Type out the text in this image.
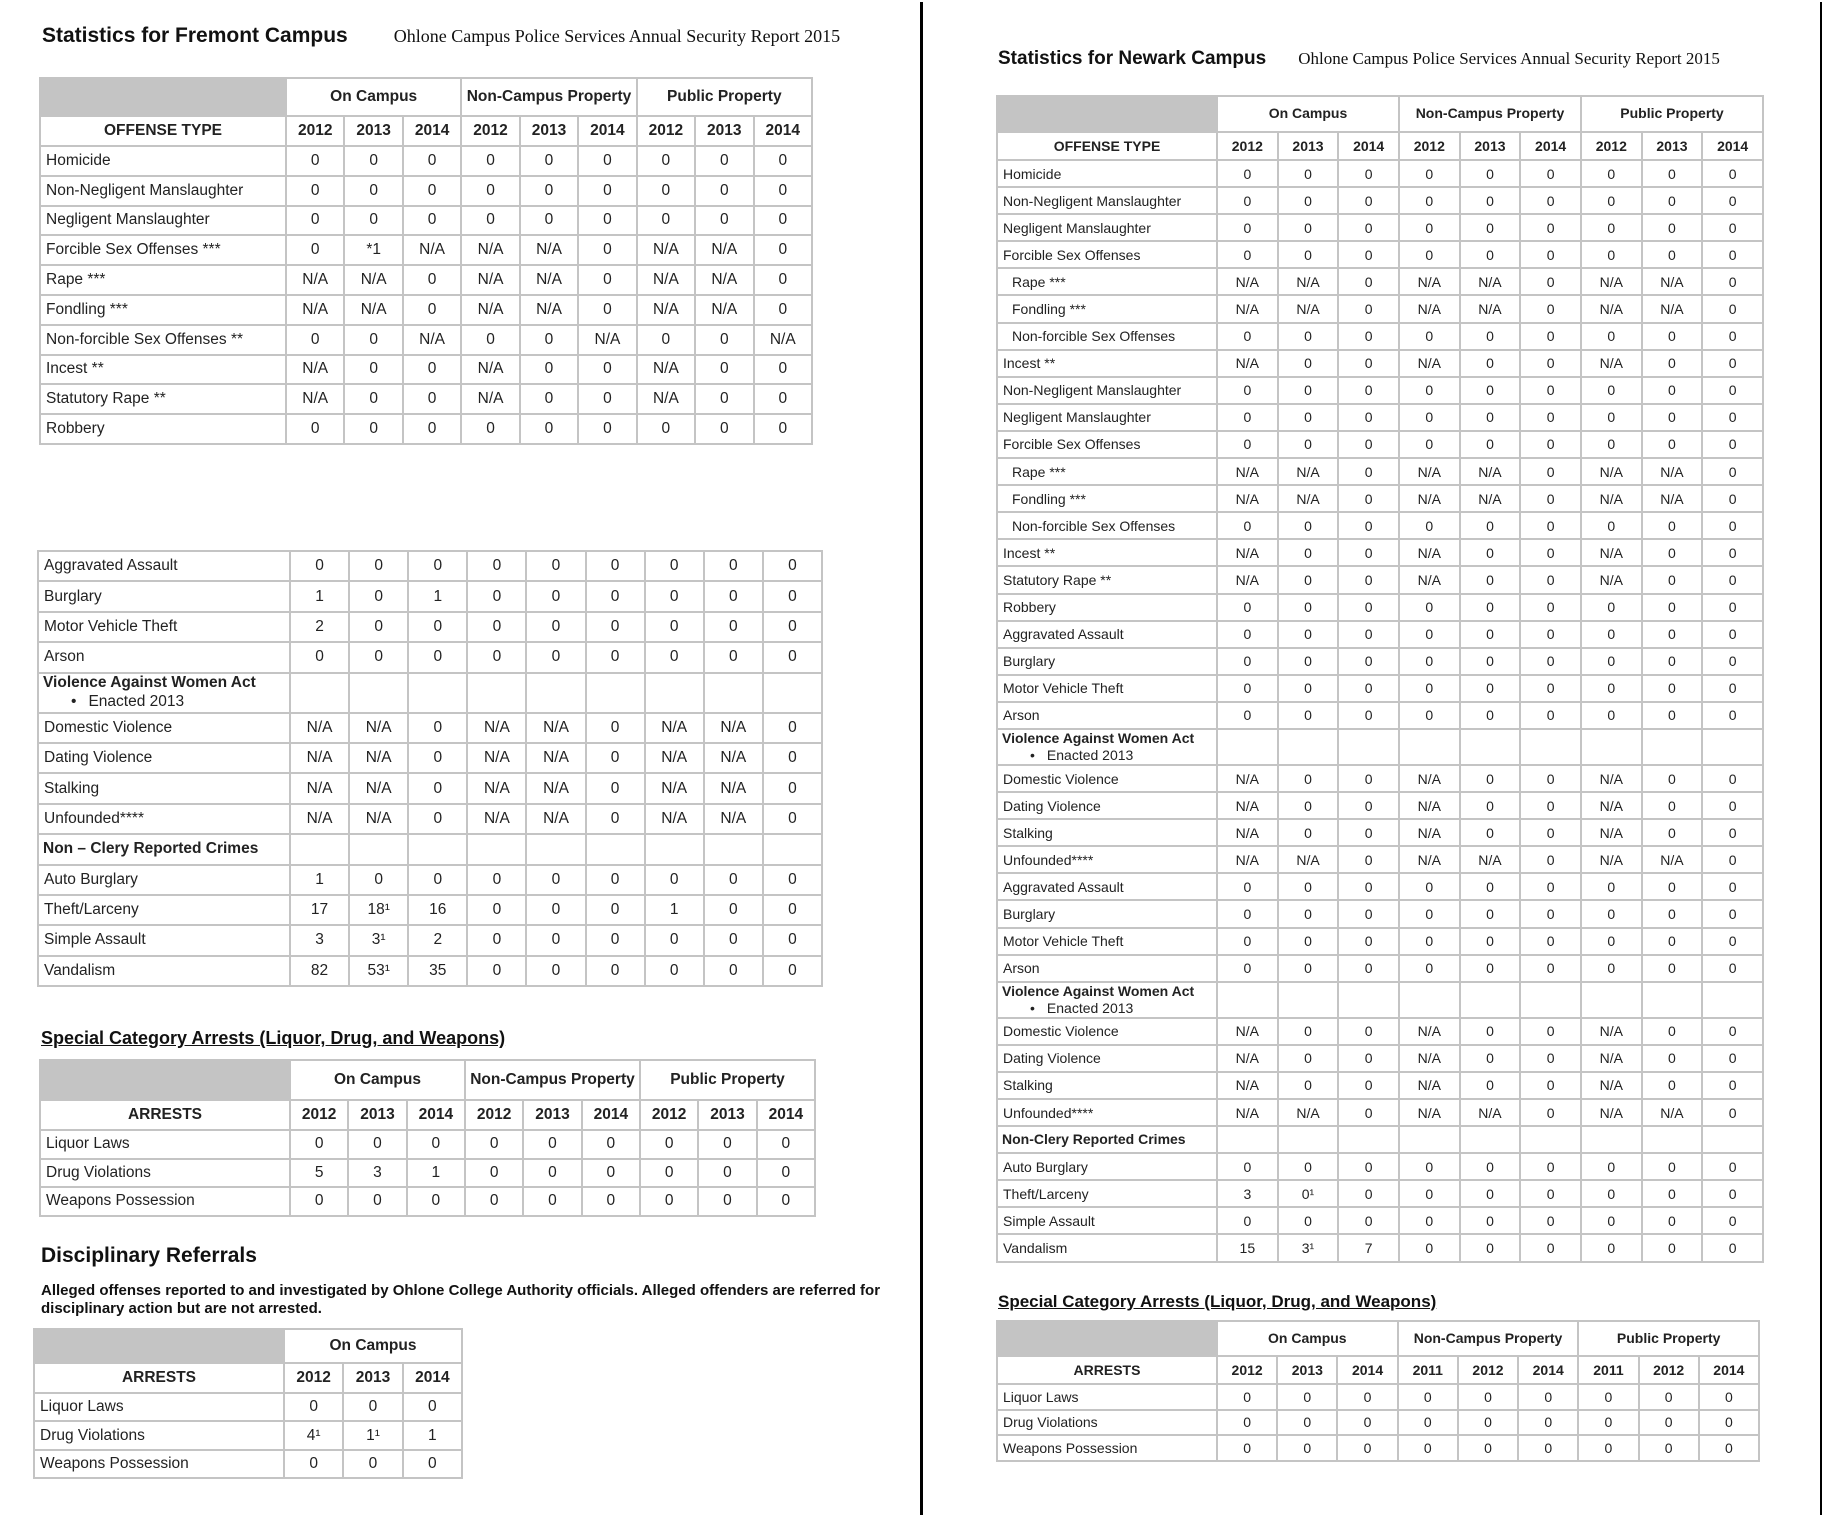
Statistics for Fremont Campus	Ohlone Campus Police Services Annual Security Report 2015
	On Campus			Non-Campus Property			Public Property		
OFFENSE TYPE	2012	2013	2014	2012	2013	2014	2012	2013	2014
Homicide	0	0	0	0	0	0	0	0	0
Non-Negligent Manslaughter	0	0	0	0	0	0	0	0	0
Negligent Manslaughter	0	0	0	0	0	0	0	0	0
Forcible Sex Offenses ***	0	*1	N/A	N/A	N/A	0	N/A	N/A	0
Rape ***	N/A	N/A	0	N/A	N/A	0	N/A	N/A	0
Fondling ***	N/A	N/A	0	N/A	N/A	0	N/A	N/A	0
Non-forcible Sex Offenses **	0	0	N/A	0	0	N/A	0	0	N/A
Incest **	N/A	0	0	N/A	0	0	N/A	0	0
Statutory Rape **	N/A	0	0	N/A	0	0	N/A	0	0
Robbery	0	0	0	0	0	0	0	0	0
Aggravated Assault	0	0	0	0	0	0	0	0	0
Burglary	1	0	1	0	0	0	0	0	0
Motor Vehicle Theft	2	0	0	0	0	0	0	0	0
Arson	0	0	0	0	0	0	0	0	0
Violence Against Women Act
• Enacted 2013

Domestic Violence	N/A	N/A	0	N/A	N/A	0	N/A	N/A	0
Dating Violence	N/A	N/A	0	N/A	N/A	0	N/A	N/A	0
Stalking	N/A	N/A	0	N/A	N/A	0	N/A	N/A	0
Unfounded****	N/A	N/A	0	N/A	N/A	0	N/A	N/A	0
Non – Clery Reported Crimes									
Auto Burglary	1	0	0	0	0	0	0	0	0
Theft/Larceny	17	18¹	16	0	0	0	1	0	0
Simple Assault	3	3¹	2	0	0	0	0	0	0
Vandalism	82	53¹	35	0	0	0	0	0	0
Special Category Arrests (Liquor, Drug, and Weapons)
	On Campus			Non-Campus Property			Public Property		
ARRESTS	2012	2013	2014	2012	2013	2014	2012	2013	2014
Liquor Laws	0	0	0	0	0	0	0	0	0
Drug Violations	5	3	1	0	0	0	0	0	0
Weapons Possession	0	0	0	0	0	0	0	0	0
Disciplinary Referrals
Alleged offenses reported to and investigated by Ohlone College Authority officials. Alleged offenders are referred for disciplinary action but are not arrested.
	On Campus		
ARRESTS	2012	2013	2014
Liquor Laws	0	0	0
Drug Violations	4¹	1¹	1
Weapons Possession	0	0	0
Statistics for Newark Campus Ohlone Campus Police Services Annual Security Report 2015
	On Campus			Non-Campus Property			Public Property		
OFFENSE TYPE	2012	2013	2014	2012	2013	2014	2012	2013	2014
Homicide	0	0	0	0	0	0	0	0	0
Non-Negligent Manslaughter	0	0	0	0	0	0	0	0	0
Negligent Manslaughter	0	0	0	0	0	0	0	0	0
Forcible Sex Offenses	0	0	0	0	0	0	0	0	0
Rape ***	N/A	N/A	0	N/A	N/A	0	N/A	N/A	0
Fondling ***	N/A	N/A	0	N/A	N/A	0	N/A	N/A	0
Non-forcible Sex Offenses	0	0	0	0	0	0	0	0	0
Incest **	N/A	0	0	N/A	0	0	N/A	0	0
Non-Negligent Manslaughter	0	0	0	0	0	0	0	0	0
Negligent Manslaughter	0	0	0	0	0	0	0	0	0
Forcible Sex Offenses	0	0	0	0	0	0	0	0	0
Rape ***	N/A	N/A	0	N/A	N/A	0	N/A	N/A	0
Fondling ***	N/A	N/A	0	N/A	N/A	0	N/A	N/A	0
Non-forcible Sex Offenses	0	0	0	0	0	0	0	0	0
Incest **	N/A	0	0	N/A	0	0	N/A	0	0
Statutory Rape **	N/A	0	0	N/A	0	0	N/A	0	0
Robbery	0	0	0	0	0	0	0	0	0
Aggravated Assault	0	0	0	0	0	0	0	0	0
Burglary	0	0	0	0	0	0	0	0	0
Motor Vehicle Theft	0	0	0	0	0	0	0	0	0
Arson	0	0	0	0	0	0	0	0	0
Violence Against Women Act
• Enacted 2013

Domestic Violence	N/A	0	0	N/A	0	0	N/A	0	0
Dating Violence	N/A	0	0	N/A	0	0	N/A	0	0
Stalking	N/A	0	0	N/A	0	0	N/A	0	0
Unfounded****	N/A	N/A	0	N/A	N/A	0	N/A	N/A	0
Aggravated Assault	0	0	0	0	0	0	0	0	0
Burglary	0	0	0	0	0	0	0	0	0
Motor Vehicle Theft	0	0	0	0	0	0	0	0	0
Arson	0	0	0	0	0	0	0	0	0
Violence Against Women Act
• Enacted 2013

Domestic Violence	N/A	0	0	N/A	0	0	N/A	0	0
Dating Violence	N/A	0	0	N/A	0	0	N/A	0	0
Stalking	N/A	0	0	N/A	0	0	N/A	0	0
Unfounded****	N/A	N/A	0	N/A	N/A	0	N/A	N/A	0
Non-Clery Reported Crimes									
Auto Burglary	0	0	0	0	0	0	0	0	0
Theft/Larceny	3	0¹	0	0	0	0	0	0	0
Simple Assault	0	0	0	0	0	0	0	0	0
Vandalism	15	3¹	7	0	0	0	0	0	0
Special Category Arrests (Liquor, Drug, and Weapons)
	On Campus			Non-Campus Property			Public Property		
ARRESTS	2012	2013	2014	2011	2012	2014	2011	2012	2014
Liquor Laws	0	0	0	0	0	0	0	0	0
Drug Violations	0	0	0	0	0	0	0	0	0
Weapons Possession	0	0	0	0	0	0	0	0	0
